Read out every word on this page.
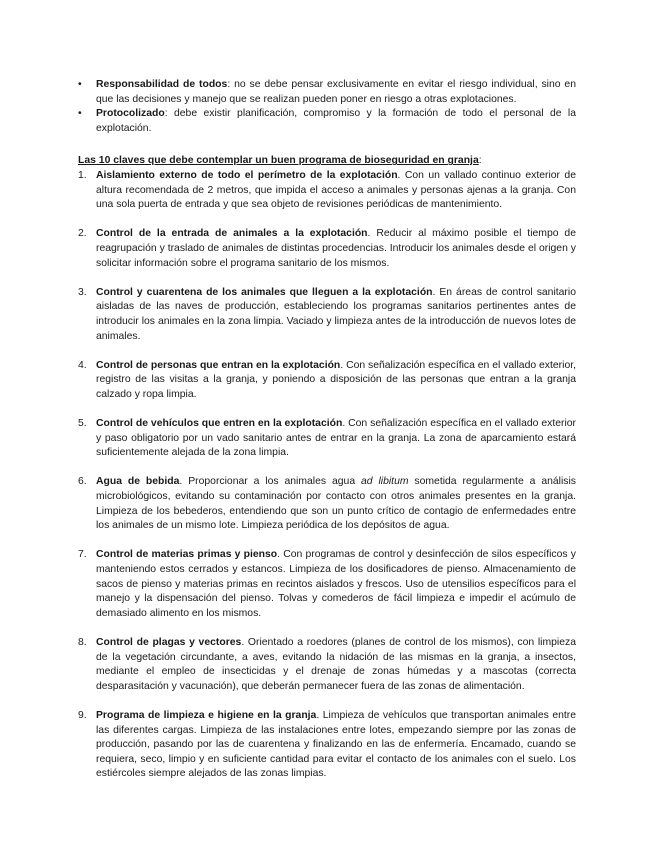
• Responsabilidad de todos: no se debe pensar exclusivamente en evitar el riesgo individual, sino en que las decisiones y manejo que se realizan pueden poner en riesgo a otras explotaciones.
• Protocolizado: debe existir planificación, compromiso y la formación de todo el personal de la explotación.

Las 10 claves que debe contemplar un buen programa de bioseguridad en granja:

1. Aislamiento externo de todo el perímetro de la explotación. Con un vallado continuo exterior de altura recomendada de 2 metros, que impida el acceso a animales y personas ajenas a la granja. Con una sola puerta de entrada y que sea objeto de revisiones periódicas de mantenimiento.
2. Control de la entrada de animales a la explotación. Reducir al máximo posible el tiempo de reagrupación y traslado de animales de distintas procedencias. Introducir los animales desde el origen y solicitar información sobre el programa sanitario de los mismos.
3. Control y cuarentena de los animales que lleguen a la explotación. En áreas de control sanitario aisladas de las naves de producción, estableciendo los programas sanitarios pertinentes antes de introducir los animales en la zona limpia. Vaciado y limpieza antes de la introducción de nuevos lotes de animales.
4. Control de personas que entran en la explotación. Con señalización específica en el vallado exterior, registro de las visitas a la granja, y poniendo a disposición de las personas que entran a la granja calzado y ropa limpia.
5. Control de vehículos que entren en la explotación. Con señalización específica en el vallado exterior y paso obligatorio por un vado sanitario antes de entrar en la granja. La zona de aparcamiento estará suficientemente alejada de la zona limpia.
6. Agua de bebida. Proporcionar a los animales agua ad libitum sometida regularmente a análisis microbiológicos, evitando su contaminación por contacto con otros animales presentes en la granja. Limpieza de los bebederos, entendiendo que son un punto crítico de contagio de enfermedades entre los animales de un mismo lote. Limpieza periódica de los depósitos de agua.
7. Control de materias primas y pienso. Con programas de control y desinfección de silos específicos y manteniendo estos cerrados y estancos. Limpieza de los dosificadores de pienso. Almacenamiento de sacos de pienso y materias primas en recintos aislados y frescos. Uso de utensilios específicos para el manejo y la dispensación del pienso. Tolvas y comederos de fácil limpieza e impedir el acúmulo de demasiado alimento en los mismos.
8. Control de plagas y vectores. Orientado a roedores (planes de control de los mismos), con limpieza de la vegetación circundante, a aves, evitando la nidación de las mismas en la granja, a insectos, mediante el empleo de insecticidas y el drenaje de zonas húmedas y a mascotas (correcta desparasitación y vacunación), que deberán permanecer fuera de las zonas de alimentación.
9. Programa de limpieza e higiene en la granja. Limpieza de vehículos que transportan animales entre las diferentes cargas. Limpieza de las instalaciones entre lotes, empezando siempre por las zonas de producción, pasando por las de cuarentena y finalizando en las de enfermería. Encamado, cuando se requiera, seco, limpio y en suficiente cantidad para evitar el contacto de los animales con el suelo. Los estiércoles siempre alejados de las zonas limpias.
